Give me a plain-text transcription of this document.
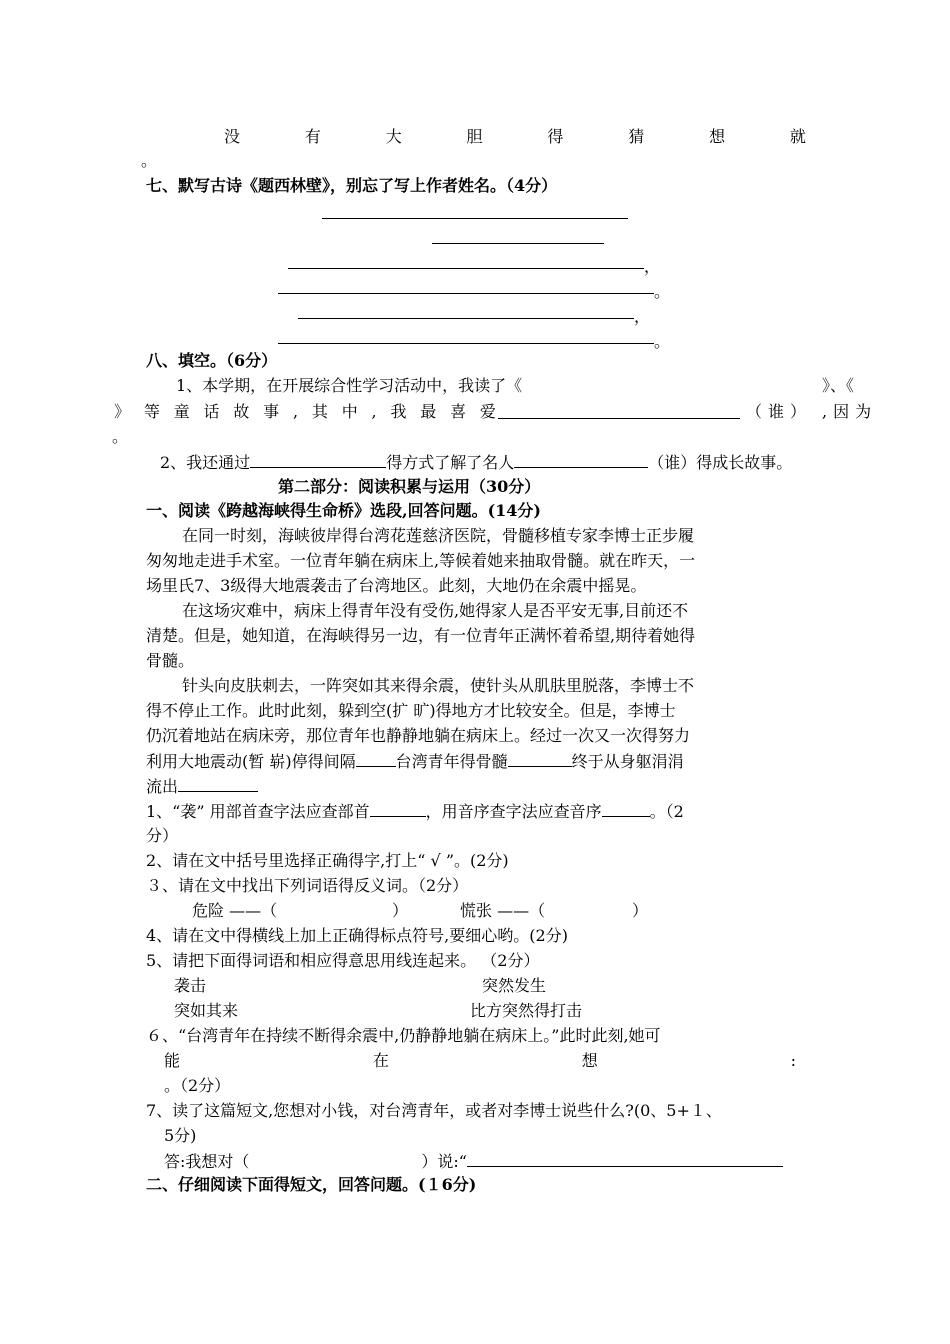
没	有	大	胆	得	猜	想	就
。
七、默写古诗《题西林壁》，别忘了写上作者姓名。（4分）
，
。
，
。
八、填空。（6分）
1、本学期，在开展综合性学习活动中，我读了《	》、《
》 等 童 话 故 事 , 其 中 , 我 最 喜 爱	（谁） ,因为
。
2、我还通过	得方式了解了名人	（谁）得成长故事。
第二部分：阅读积累与运用（30分）
一、阅读《跨越海峡得生命桥》选段,回答问题。(14分)
在同一时刻，海峡彼岸得台湾花莲慈济医院，骨髓移植专家李博士正步履
匆匆地走进手术室。一位青年躺在病床上,等候着她来抽取骨髓。就在昨天，一
场里氏7、3级得大地震袭击了台湾地区。此刻，大地仍在余震中摇晃。
在这场灾难中，病床上得青年没有受伤,她得家人是否平安无事,目前还不
清楚。但是，她知道，在海峡得另一边，有一位青年正满怀着希望,期待着她得
骨髓。
针头向皮肤刺去，一阵突如其来得余震，使针头从肌肤里脱落，李博士不
得不停止工作。此时此刻，躲到空(扩 旷)得地方才比较安全。但是，李博士
仍沉着地站在病床旁，那位青年也静静地躺在病床上。经过一次又一次得努力
利用大地震动(暂 崭)停得间隔	台湾青年得骨髓	终于从身躯涓涓
流出
1、“袭” 用部首查字法应查部首	，用音序查字法应查音序	。（2
分）
2、请在文中括号里选择正确得字,打上“ √ ”。(2分)
３、请在文中找出下列词语得反义词。（2分）
危险 ——（	）	慌张 ——（	）
4、请在文中得横线上加上正确得标点符号,要细心哟。(2分)
5、请把下面得词语和相应得意思用线连起来。 （2分）
袭击	突然发生
突如其来	比方突然得打击
６、“台湾青年在持续不断得余震中,仍静静地躺在病床上。”此时此刻,她可
能	在	想	:
。（2分）
7、读了这篇短文,您想对小钱，对台湾青年，或者对李博士说些什么?(0、5+１、
5分)
答:我想对（	）说:“
二、仔细阅读下面得短文，回答问题。(１6分)
